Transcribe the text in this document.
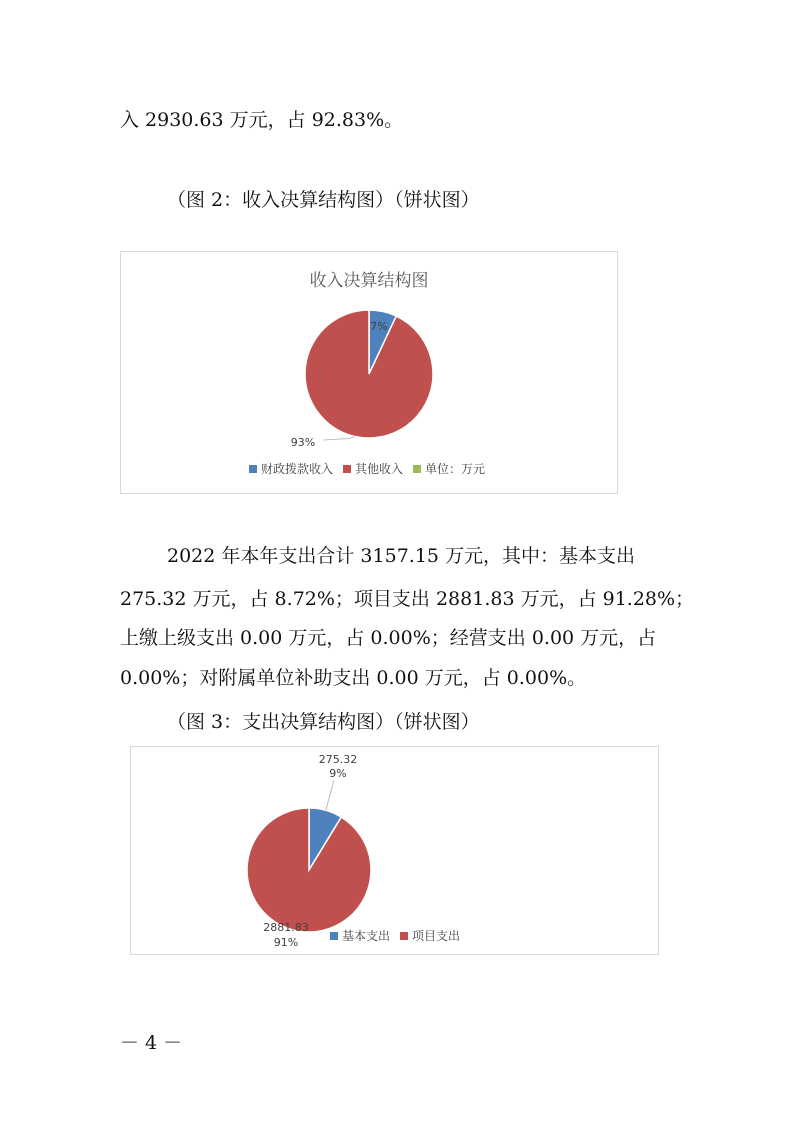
入 2930.63 万元，占 92.83%。

（图 2：收入决算结构图）（饼状图）

收入决算结构图
7%
93%
财政拨款收入 其他收入 单位：万元

2022 年本年支出合计 3157.15 万元，其中：基本支出

275.32 万元，占 8.72%；项目支出 2881.83 万元，占 91.28%；

上缴上级支出 0.00 万元，占 0.00%；经营支出 0.00 万元，占

0.00%；对附属单位补助支出 0.00 万元，占 0.00%。

（图 3：支出决算结构图）（饼状图）

275.32
9%
2881.83
91%	基本支出 项目支出
－ 4 －
